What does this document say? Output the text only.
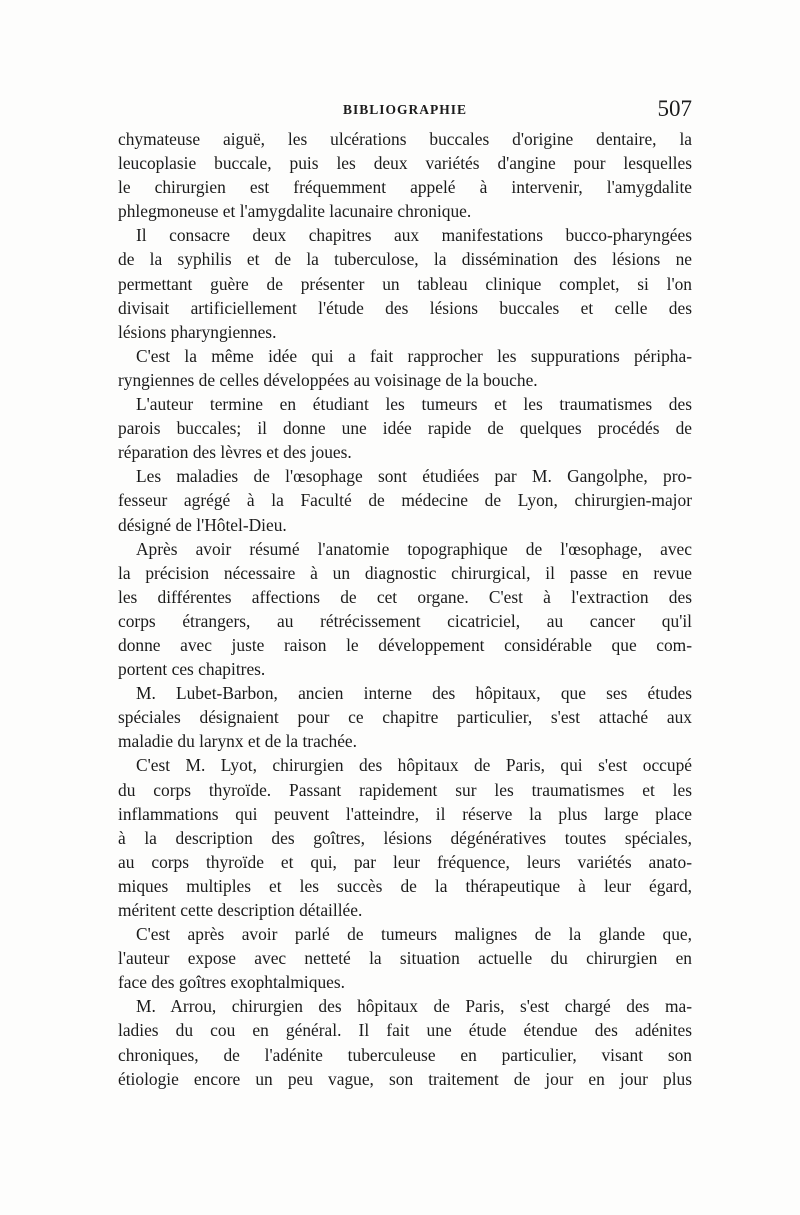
BIBLIOGRAPHIE	507
chymateuse aiguë, les ulcérations buccales d'origine dentaire, la
leucoplasie buccale, puis les deux variétés d'angine pour lesquelles
le chirurgien est fréquemment appelé à intervenir, l'amygdalite
phlegmoneuse et l'amygdalite lacunaire chronique.
Il consacre deux chapitres aux manifestations bucco-pharyngées
de la syphilis et de la tuberculose, la dissémination des lésions ne
permettant guère de présenter un tableau clinique complet, si l'on
divisait artificiellement l'étude des lésions buccales et celle des
lésions pharyngiennes.
C'est la même idée qui a fait rapprocher les suppurations péripha-
ryngiennes de celles développées au voisinage de la bouche.
L'auteur termine en étudiant les tumeurs et les traumatismes des
parois buccales; il donne une idée rapide de quelques procédés de
réparation des lèvres et des joues.
Les maladies de l'œsophage sont étudiées par M. Gangolphe, pro-
fesseur agrégé à la Faculté de médecine de Lyon, chirurgien-major
désigné de l'Hôtel-Dieu.
Après avoir résumé l'anatomie topographique de l'œsophage, avec
la précision nécessaire à un diagnostic chirurgical, il passe en revue
les différentes affections de cet organe. C'est à l'extraction des
corps étrangers, au rétrécissement cicatriciel, au cancer qu'il
donne avec juste raison le développement considérable que com-
portent ces chapitres.
M. Lubet-Barbon, ancien interne des hôpitaux, que ses études
spéciales désignaient pour ce chapitre particulier, s'est attaché aux
maladie du larynx et de la trachée.
C'est M. Lyot, chirurgien des hôpitaux de Paris, qui s'est occupé
du corps thyroïde. Passant rapidement sur les traumatismes et les
inflammations qui peuvent l'atteindre, il réserve la plus large place
à la description des goîtres, lésions dégénératives toutes spéciales,
au corps thyroïde et qui, par leur fréquence, leurs variétés anato-
miques multiples et les succès de la thérapeutique à leur égard,
méritent cette description détaillée.
C'est après avoir parlé de tumeurs malignes de la glande que,
l'auteur expose avec netteté la situation actuelle du chirurgien en
face des goîtres exophtalmiques.
M. Arrou, chirurgien des hôpitaux de Paris, s'est chargé des ma-
ladies du cou en général. Il fait une étude étendue des adénites
chroniques, de l'adénite tuberculeuse en particulier, visant son
étiologie encore un peu vague, son traitement de jour en jour plus
